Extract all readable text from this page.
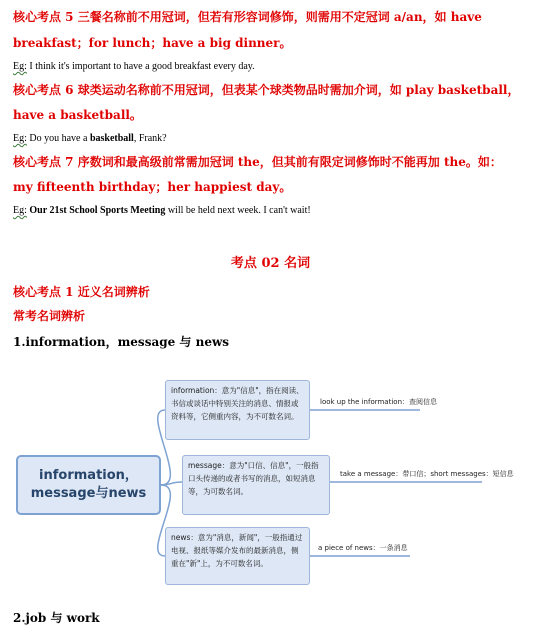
核心考点 5 三餐名称前不用冠词，但若有形容词修饰，则需用不定冠词 a/an，如 have
breakfast；for lunch；have a big dinner。
Eg: I think it's important to have a good breakfast every day.
核心考点 6 球类运动名称前不用冠词，但表某个球类物品时需加介词，如 play basketball，
have a basketball。
Eg: Do you have a basketball, Frank?
核心考点 7 序数词和最高级前常需加冠词 the，但其前有限定词修饰时不能再加 the。如：
my fifteenth birthday；her happiest day。
Eg: Our 21st School Sports Meeting will be held next week. I can't wait!
考点 02 名词
核心考点 1 近义名词辨析
常考名词辨析
1.information，message 与 news
information，message与news
information：意为"信息"，指在阅读、书信或谈话中特别关注的消息、情报或资料等，它侧重内容，为不可数名词。
look up the information：查阅信息
message：意为"口信、信息"，一般指口头传递的或者书写的消息，如短消息等，为可数名词。
take a message：带口信；short messages：短信息
news：意为"消息，新闻"，一般指通过电视、报纸等媒介发布的最新消息，侧重在"新"上，为不可数名词。
a piece of news：一条消息
2.job 与 work
